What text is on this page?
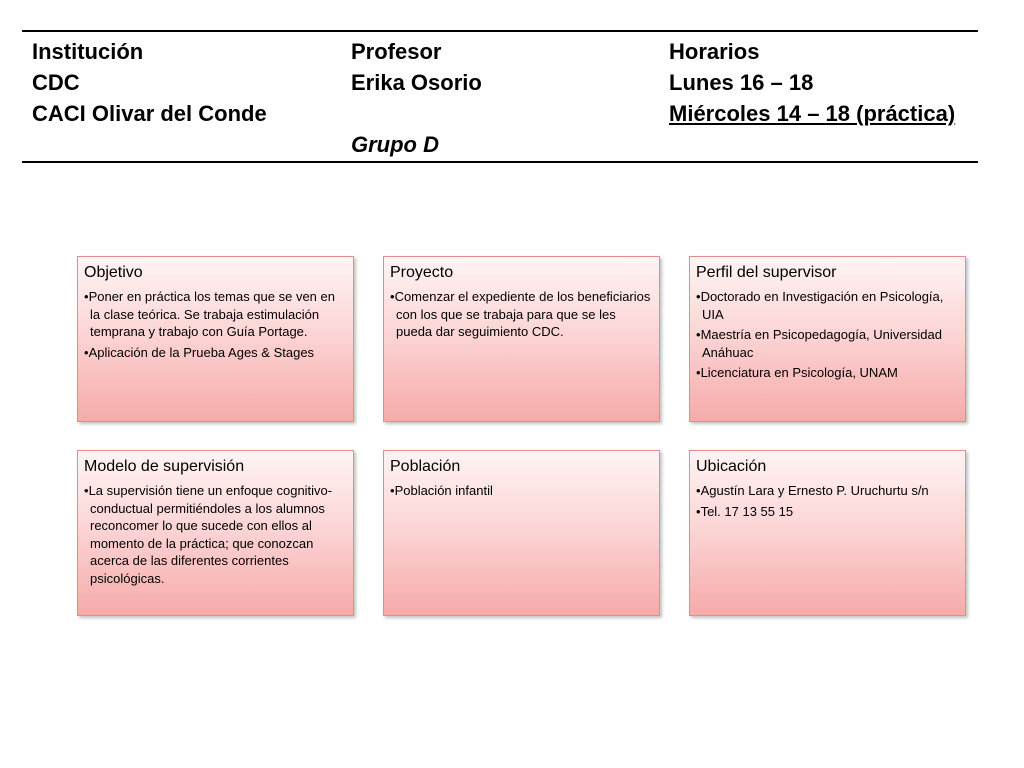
Institución
CDC
CACI Olivar del Conde
Profesor
Erika Osorio
Grupo D
Horarios
Lunes 16 – 18
Miércoles 14 – 18 (práctica)
Objetivo
• Poner en práctica los temas que se ven en la clase teórica. Se trabaja estimulación temprana y trabajo con Guía Portage.
• Aplicación de la Prueba Ages & Stages
Proyecto
• Comenzar el expediente de los beneficiarios con los que se trabaja para que se les pueda dar seguimiento CDC.
Perfil del supervisor
• Doctorado en Investigación en Psicología, UIA
• Maestría en Psicopedagogía, Universidad Anáhuac
• Licenciatura en Psicología, UNAM
Modelo de supervisión
• La supervisión tiene un enfoque cognitivo-conductual permitiéndoles a los alumnos reconcomer lo que sucede con ellos al momento de la práctica; que conozcan acerca de las diferentes corrientes psicológicas.
Población
• Población infantil
Ubicación
• Agustín Lara y Ernesto P. Uruchurtu s/n
• Tel. 17 13 55 15
